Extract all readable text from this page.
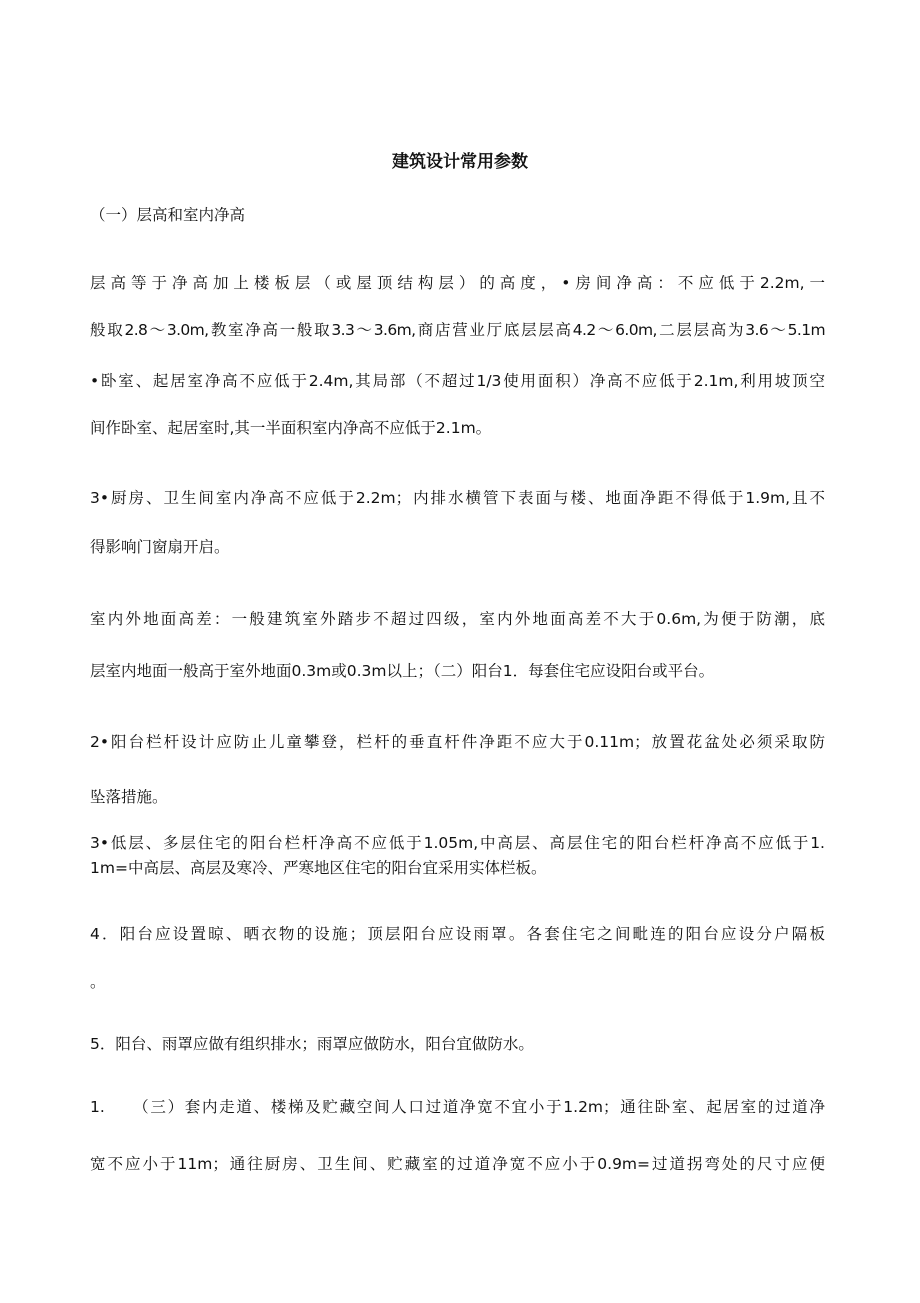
建筑设计常用参数
（一）层高和室内净高
层高等于净高加上楼板层（或屋顶结构层）的高度，•房间净高：不应低于2.2m,一
般取2.8～3.0m,教室净高一般取3.3～3.6m,商店营业厅底层层高4.2～6.0m,二层层高为3.6～5.1m
•卧室、起居室净高不应低于2.4m,其局部（不超过1/3使用面积）净高不应低于2.1m,利用坡顶空
间作卧室、起居室时,其一半面积室内净高不应低于2.1m。
3•厨房、卫生间室内净高不应低于2.2m；内排水横管下表面与楼、地面净距不得低于1.9m,且不
得影响门窗扇开启。
室内外地面高差：一般建筑室外踏步不超过四级，室内外地面高差不大于0.6m,为便于防潮，底
层室内地面一般高于室外地面0.3m或0.3m以上；（二）阳台1．每套住宅应设阳台或平台。
2•阳台栏杆设计应防止儿童攀登，栏杆的垂直杆件净距不应大于0.11m；放置花盆处必须采取防
坠落措施。
3•低层、多层住宅的阳台栏杆净高不应低于1.05m,中高层、高层住宅的阳台栏杆净高不应低于1.
1m=中高层、高层及寒冷、严寒地区住宅的阳台宜采用实体栏板。
4．阳台应设置晾、晒衣物的设施；顶层阳台应设雨罩。各套住宅之间毗连的阳台应设分户隔板
。
5．阳台、雨罩应做有组织排水；雨罩应做防水，阳台宜做防水。
1.　　（三）套内走道、楼梯及贮藏空间人口过道净宽不宜小于1.2m；通往卧室、起居室的过道净
宽不应小于11m；通往厨房、卫生间、贮藏室的过道净宽不应小于0.9m=过道拐弯处的尺寸应便
